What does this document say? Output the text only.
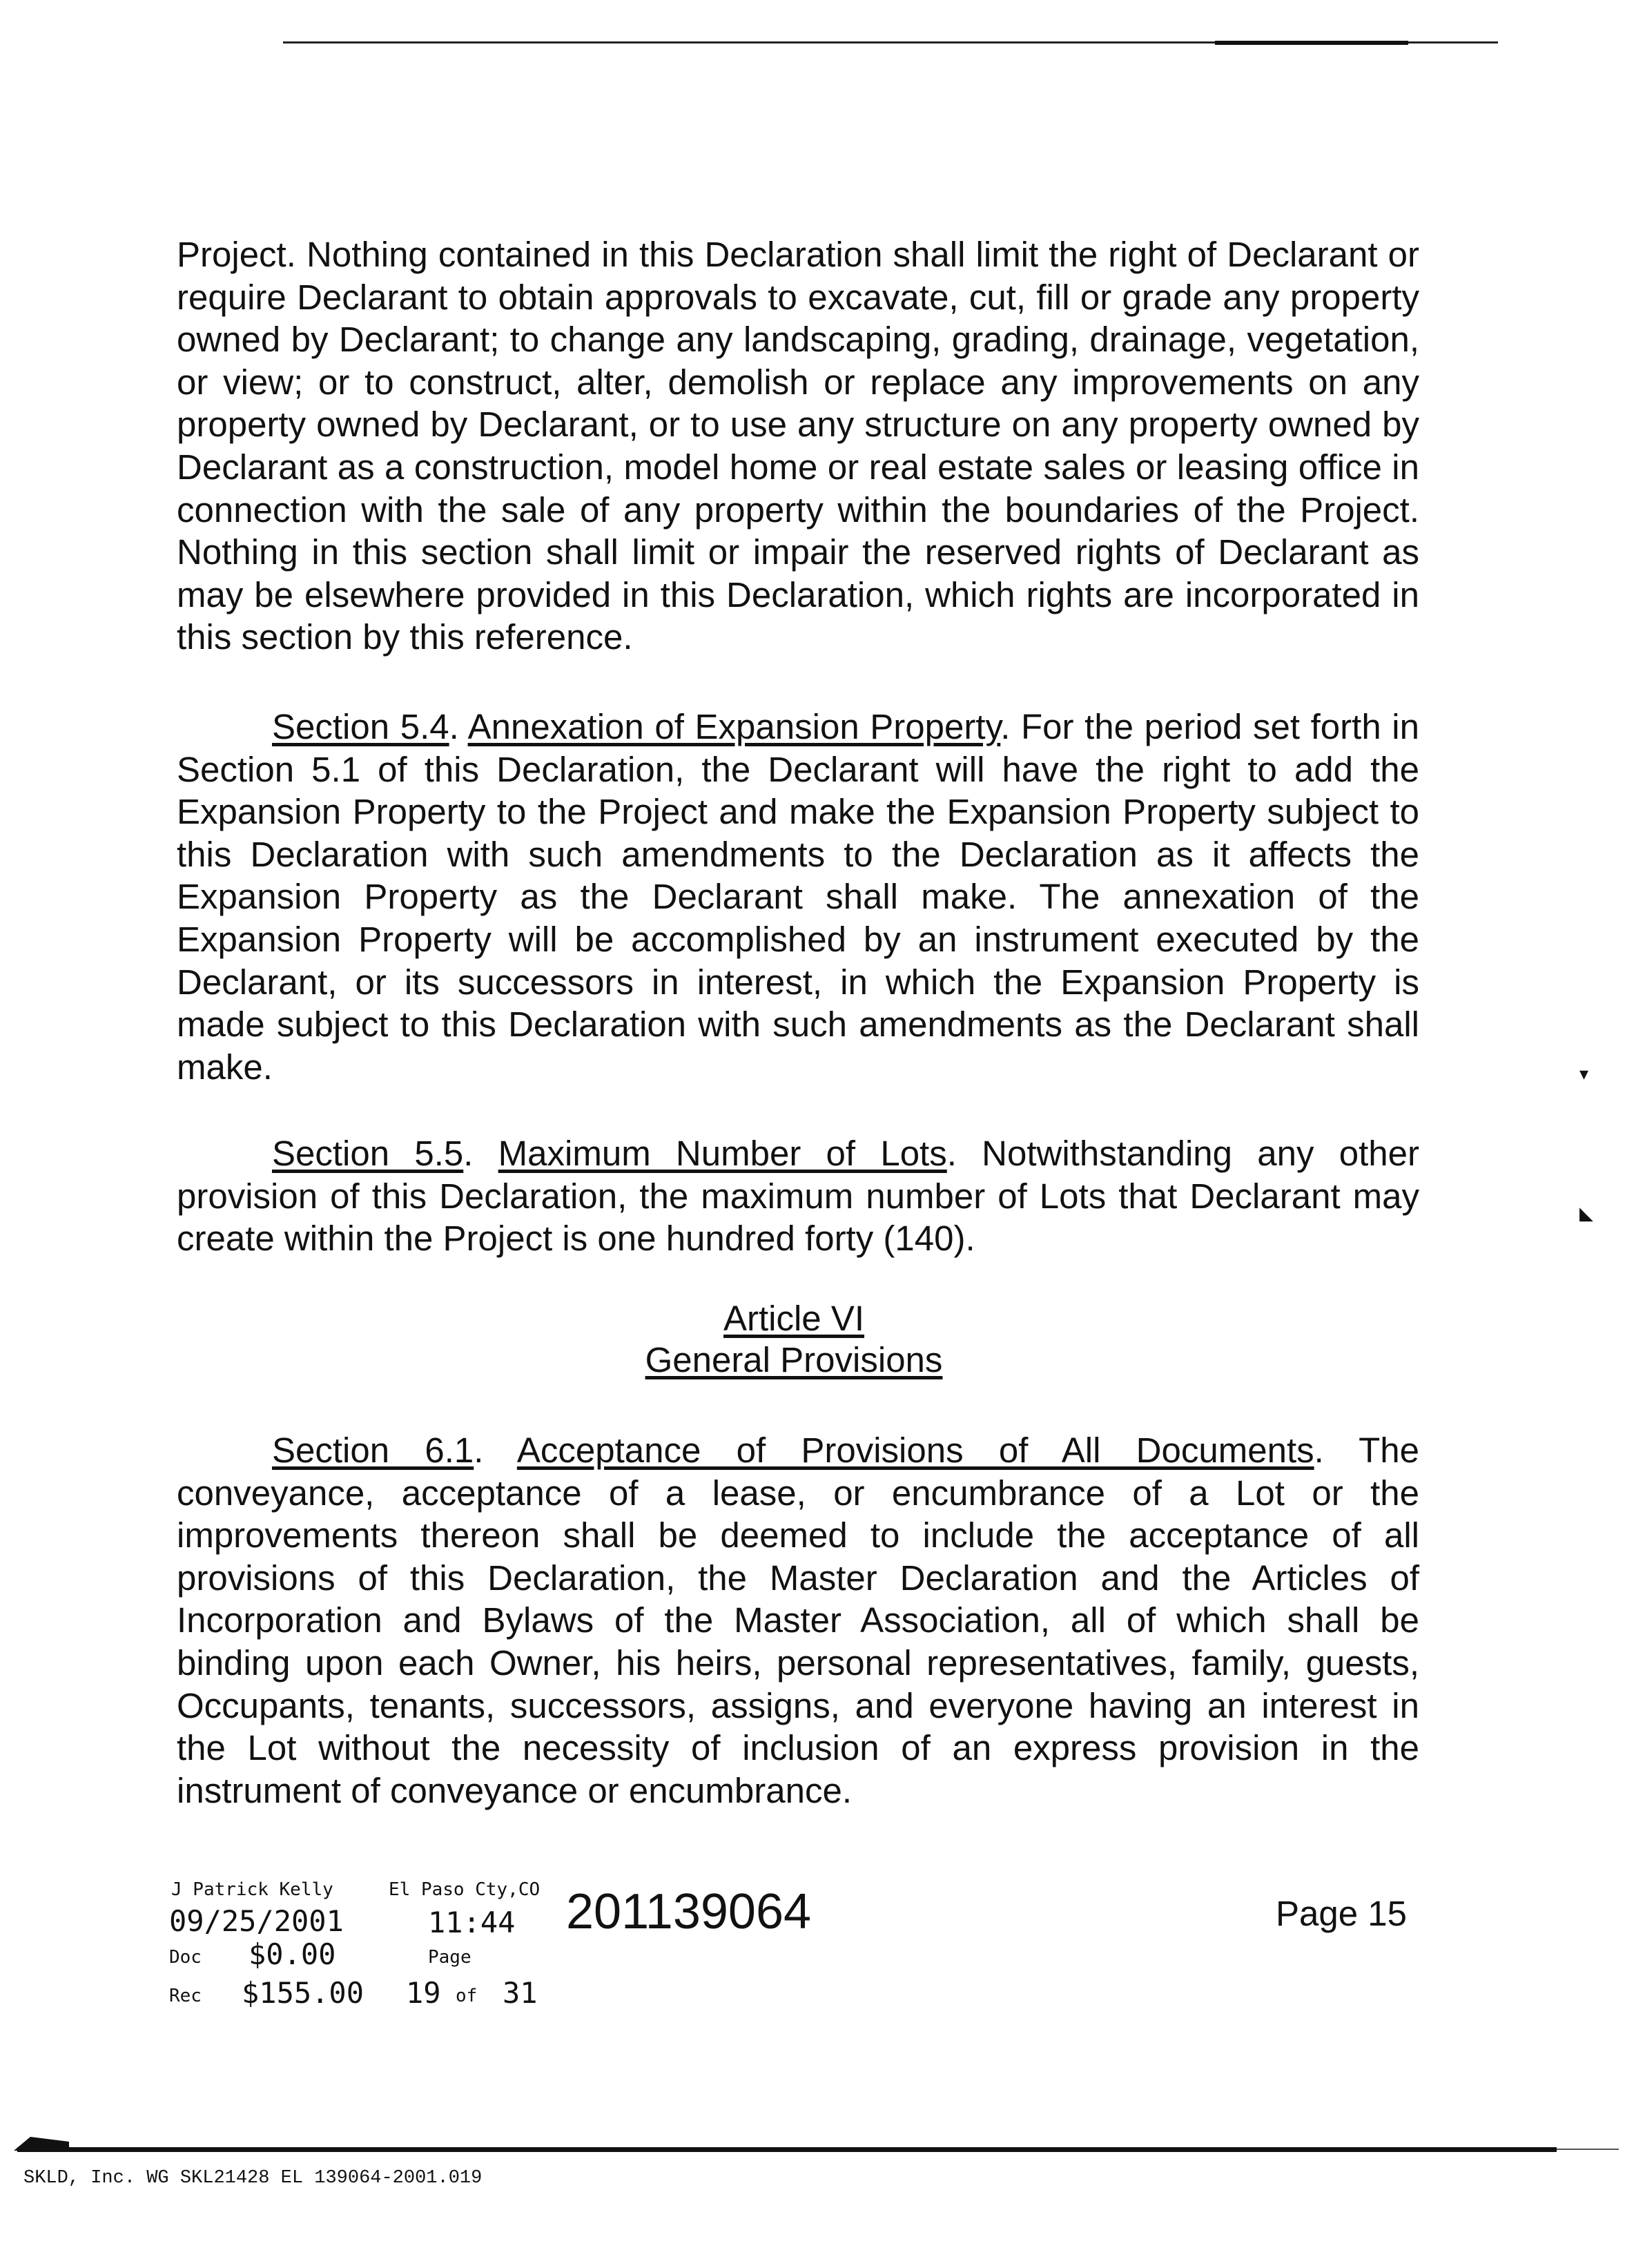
Project. Nothing contained in this Declaration shall limit the right of Declarant or require Declarant to obtain approvals to excavate, cut, fill or grade any property owned by Declarant; to change any landscaping, grading, drainage, vegetation, or view; or to construct, alter, demolish or replace any improvements on any property owned by Declarant, or to use any structure on any property owned by Declarant as a construction, model home or real estate sales or leasing office in connection with the sale of any property within the boundaries of the Project. Nothing in this section shall limit or impair the reserved rights of Declarant as may be elsewhere provided in this Declaration, which rights are incorporated in this section by this reference.

Section 5.4. Annexation of Expansion Property. For the period set forth in Section 5.1 of this Declaration, the Declarant will have the right to add the Expansion Property to the Project and make the Expansion Property subject to this Declaration with such amendments to the Declaration as it affects the Expansion Property as the Declarant shall make. The annexation of the Expansion Property will be accomplished by an instrument executed by the Declarant, or its successors in interest, in which the Expansion Property is made subject to this Declaration with such amendments as the Declarant shall make.

Section 5.5. Maximum Number of Lots. Notwithstanding any other provision of this Declaration, the maximum number of Lots that Declarant may create within the Project is one hundred forty (140).

Article VI
General Provisions

Section 6.1. Acceptance of Provisions of All Documents. The conveyance, acceptance of a lease, or encumbrance of a Lot or the improvements thereon shall be deemed to include the acceptance of all provisions of this Declaration, the Master Declaration and the Articles of Incorporation and Bylaws of the Master Association, all of which shall be binding upon each Owner, his heirs, personal representatives, family, guests, Occupants, tenants, successors, assigns, and everyone having an interest in the Lot without the necessity of inclusion of an express provision in the instrument of conveyance or encumbrance.

▾
◣
J Patrick Kelly	El Paso Cty,CO
09/25/2001	11:44 201139064
Doc $0.00	Page
Rec $155.00 19 of 31
Page 15
SKLD, Inc. WG SKL21428 EL 139064-2001.019
